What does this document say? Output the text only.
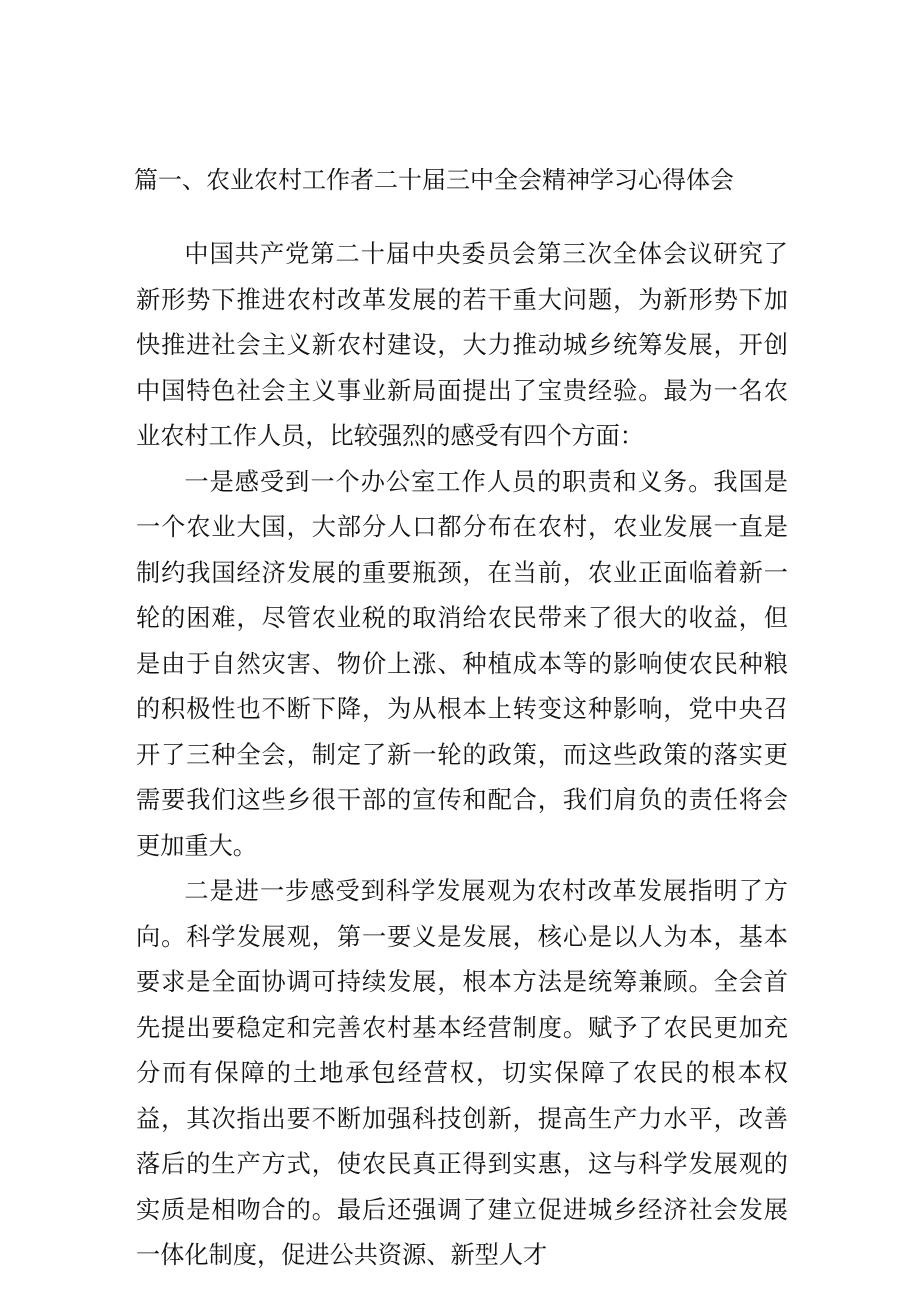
篇一、农业农村工作者二十届三中全会精神学习心得体会

中国共产党第二十届中央委员会第三次全体会议研究了新形势下推进农村改革发展的若干重大问题，为新形势下加快推进社会主义新农村建设，大力推动城乡统筹发展，开创中国特色社会主义事业新局面提出了宝贵经验。最为一名农业农村工作人员，比较强烈的感受有四个方面：

一是感受到一个办公室工作人员的职责和义务。我国是一个农业大国，大部分人口都分布在农村，农业发展一直是制约我国经济发展的重要瓶颈，在当前，农业正面临着新一轮的困难，尽管农业税的取消给农民带来了很大的收益，但是由于自然灾害、物价上涨、种植成本等的影响使农民种粮的积极性也不断下降，为从根本上转变这种影响，党中央召开了三种全会，制定了新一轮的政策，而这些政策的落实更需要我们这些乡很干部的宣传和配合，我们肩负的责任将会更加重大。

二是进一步感受到科学发展观为农村改革发展指明了方向。科学发展观，第一要义是发展，核心是以人为本，基本要求是全面协调可持续发展，根本方法是统筹兼顾。全会首先提出要稳定和完善农村基本经营制度。赋予了农民更加充分而有保障的土地承包经营权，切实保障了农民的根本权益，其次指出要不断加强科技创新，提高生产力水平，改善落后的生产方式，使农民真正得到实惠，这与科学发展观的实质是相吻合的。最后还强调了建立促进城乡经济社会发展一体化制度，促进公共资源、新型人才
